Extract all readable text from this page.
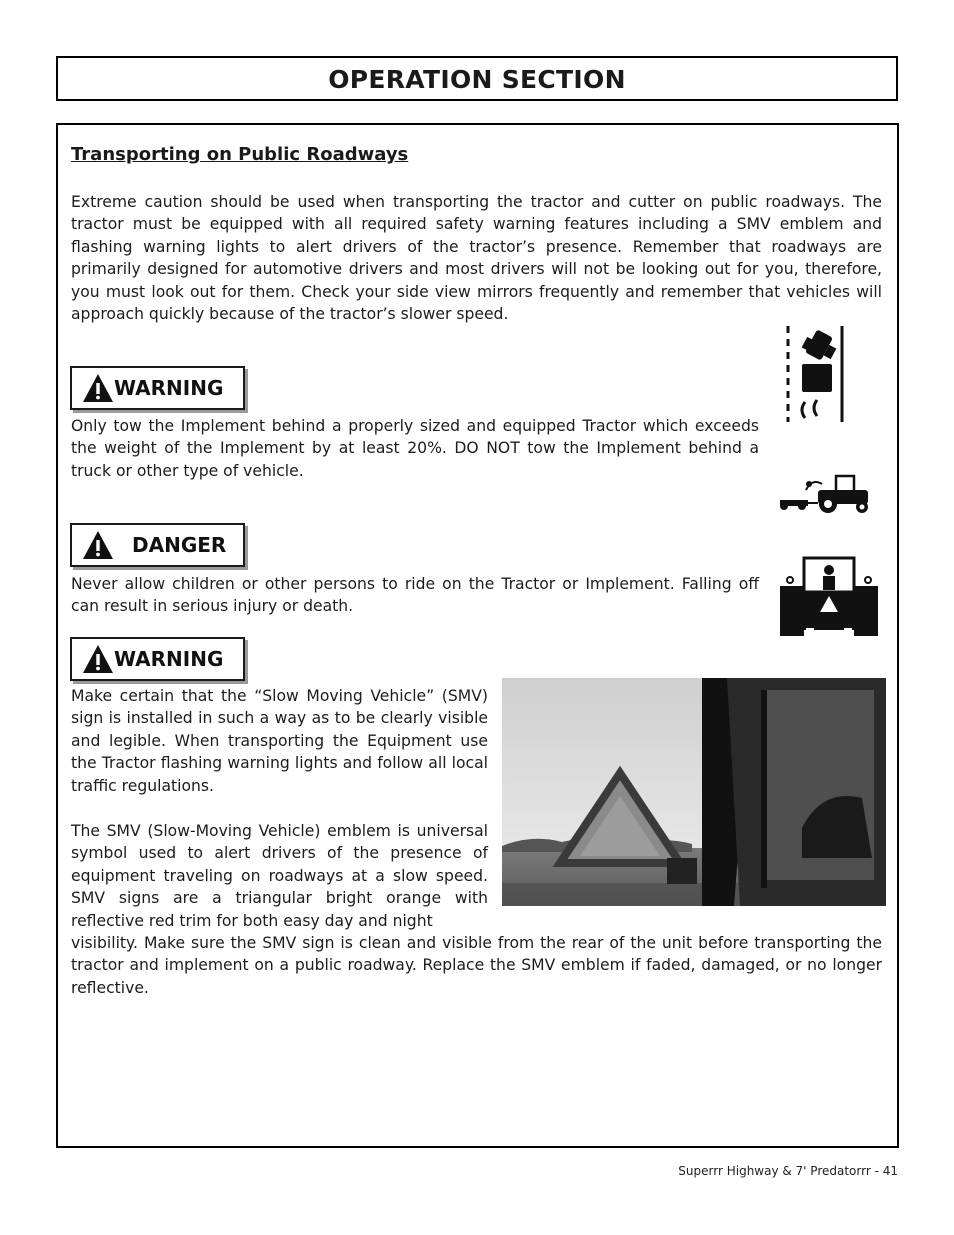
OPERATION SECTION
Transporting on Public Roadways

Extreme caution should be used when transporting the tractor and cutter on public roadways. The tractor must be equipped with all required safety warning features including a SMV emblem and flashing warning lights to alert drivers of the tractor’s presence. Remember that roadways are primarily designed for automotive drivers and most drivers will not be looking out for you, therefore, you must look out for them. Check your side view mirrors frequently and remember that vehicles will approach quickly because of the tractor’s slower speed.

WARNING

Only tow the Implement behind a properly sized and equipped Tractor which exceeds the weight of the Implement by at least 20%. DO NOT tow the Implement behind a truck or other type of vehicle.

DANGER

Never allow children or other persons to ride on the Tractor or Implement. Falling off can result in serious injury or death.

WARNING

Make certain that the “Slow Moving Vehicle” (SMV) sign is installed in such a way as to be clearly visible and legible. When transporting the Equipment use the Tractor flashing warning lights and follow all local traffic regulations.

The SMV (Slow-Moving Vehicle) emblem is universal symbol used to alert drivers of the presence of equipment traveling on roadways at a slow speed. SMV signs are a triangular bright orange with reflective red trim for both easy day and night

visibility. Make sure the SMV sign is clean and visible from the rear of the unit before transporting the tractor and implement on a public roadway. Replace the SMV emblem if faded, damaged, or no longer reflective.

Superrr Highway & 7' Predatorrr - 41
